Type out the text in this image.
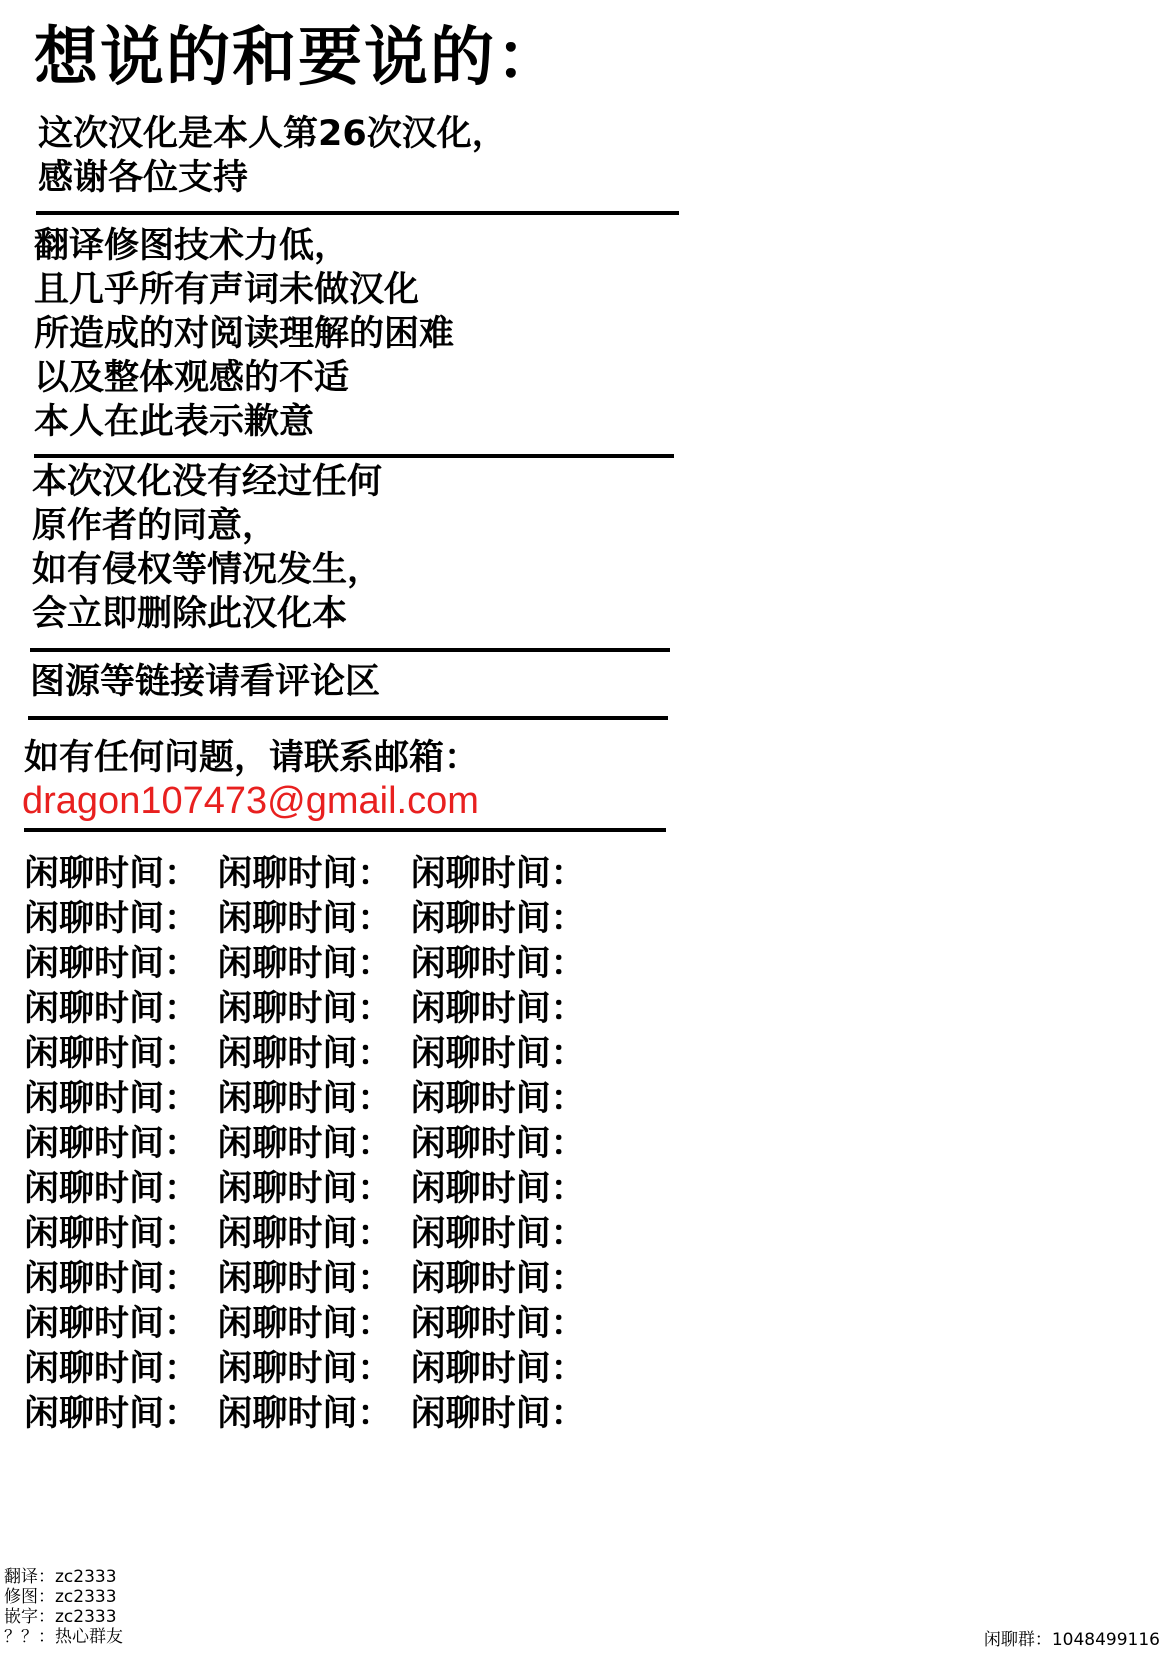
想说的和要说的：
这次汉化是本人第26次汉化，
感谢各位支持
翻译修图技术力低，
且几乎所有声词未做汉化
所造成的对阅读理解的困难
以及整体观感的不适
本人在此表示歉意
本次汉化没有经过任何
原作者的同意，
如有侵权等情况发生，
会立即删除此汉化本
图源等链接请看评论区
如有任何问题，请联系邮箱：
dragon107473@gmail.com
闲聊时间： 闲聊时间： 闲聊时间：
闲聊时间： 闲聊时间： 闲聊时间：
闲聊时间： 闲聊时间： 闲聊时间：
闲聊时间： 闲聊时间： 闲聊时间：
闲聊时间： 闲聊时间： 闲聊时间：
闲聊时间： 闲聊时间： 闲聊时间：
闲聊时间： 闲聊时间： 闲聊时间：
闲聊时间： 闲聊时间： 闲聊时间：
闲聊时间： 闲聊时间： 闲聊时间：
闲聊时间： 闲聊时间： 闲聊时间：
闲聊时间： 闲聊时间： 闲聊时间：
闲聊时间： 闲聊时间： 闲聊时间：
闲聊时间： 闲聊时间： 闲聊时间：
翻译：zc2333
修图：zc2333
嵌字：zc2333
？？：热心群友	闲聊群：1048499116
